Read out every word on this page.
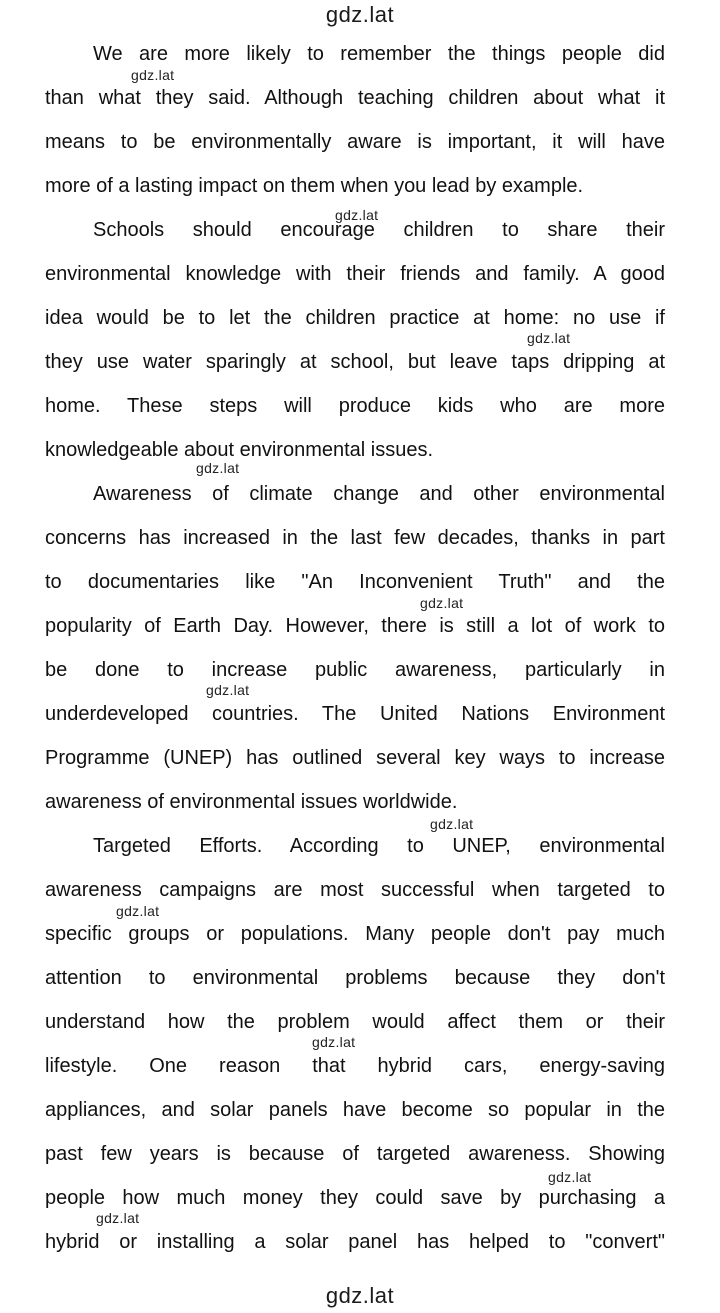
gdz.lat
We are more likely to remember the things people did
than what they said. Although teaching children about what it
means to be environmentally aware is important, it will have
more of a lasting impact on them when you lead by example.
Schools should encourage children to share their
environmental knowledge with their friends and family. A good
idea would be to let the children practice at home: no use if
they use water sparingly at school, but leave taps dripping at
home. These steps will produce kids who are more
knowledgeable about environmental issues.
Awareness of climate change and other environmental
concerns has increased in the last few decades, thanks in part
to documentaries like "An Inconvenient Truth" and the
popularity of Earth Day. However, there is still a lot of work to
be done to increase public awareness, particularly in
underdeveloped countries. The United Nations Environment
Programme (UNEP) has outlined several key ways to increase
awareness of environmental issues worldwide.
Targeted Efforts. According to UNEP, environmental
awareness campaigns are most successful when targeted to
specific groups or populations. Many people don't pay much
attention to environmental problems because they don't
understand how the problem would affect them or their
lifestyle. One reason that hybrid cars, energy-saving
appliances, and solar panels have become so popular in the
past few years is because of targeted awareness. Showing
people how much money they could save by purchasing a
hybrid or installing a solar panel has helped to "convert"
gdz.lat
gdz.lat
gdz.lat
gdz.lat
gdz.lat
gdz.lat
gdz.lat
gdz.lat
gdz.lat
gdz.lat
gdz.lat
gdz.lat
